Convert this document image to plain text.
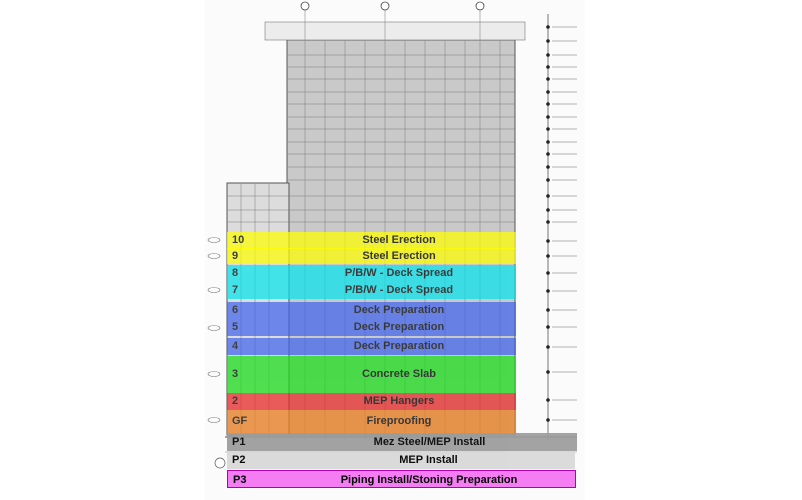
10	Steel Erection
9	Steel Erection
8	P/B/W - Deck Spread
7	P/B/W - Deck Spread
6	Deck Preparation
5	Deck Preparation
4	Deck Preparation
3	Concrete Slab
2	MEP Hangers
GF	Fireproofing
P1	Mez Steel/MEP Install
P2	MEP Install
P3	Piping Install/Stoning Preparation
